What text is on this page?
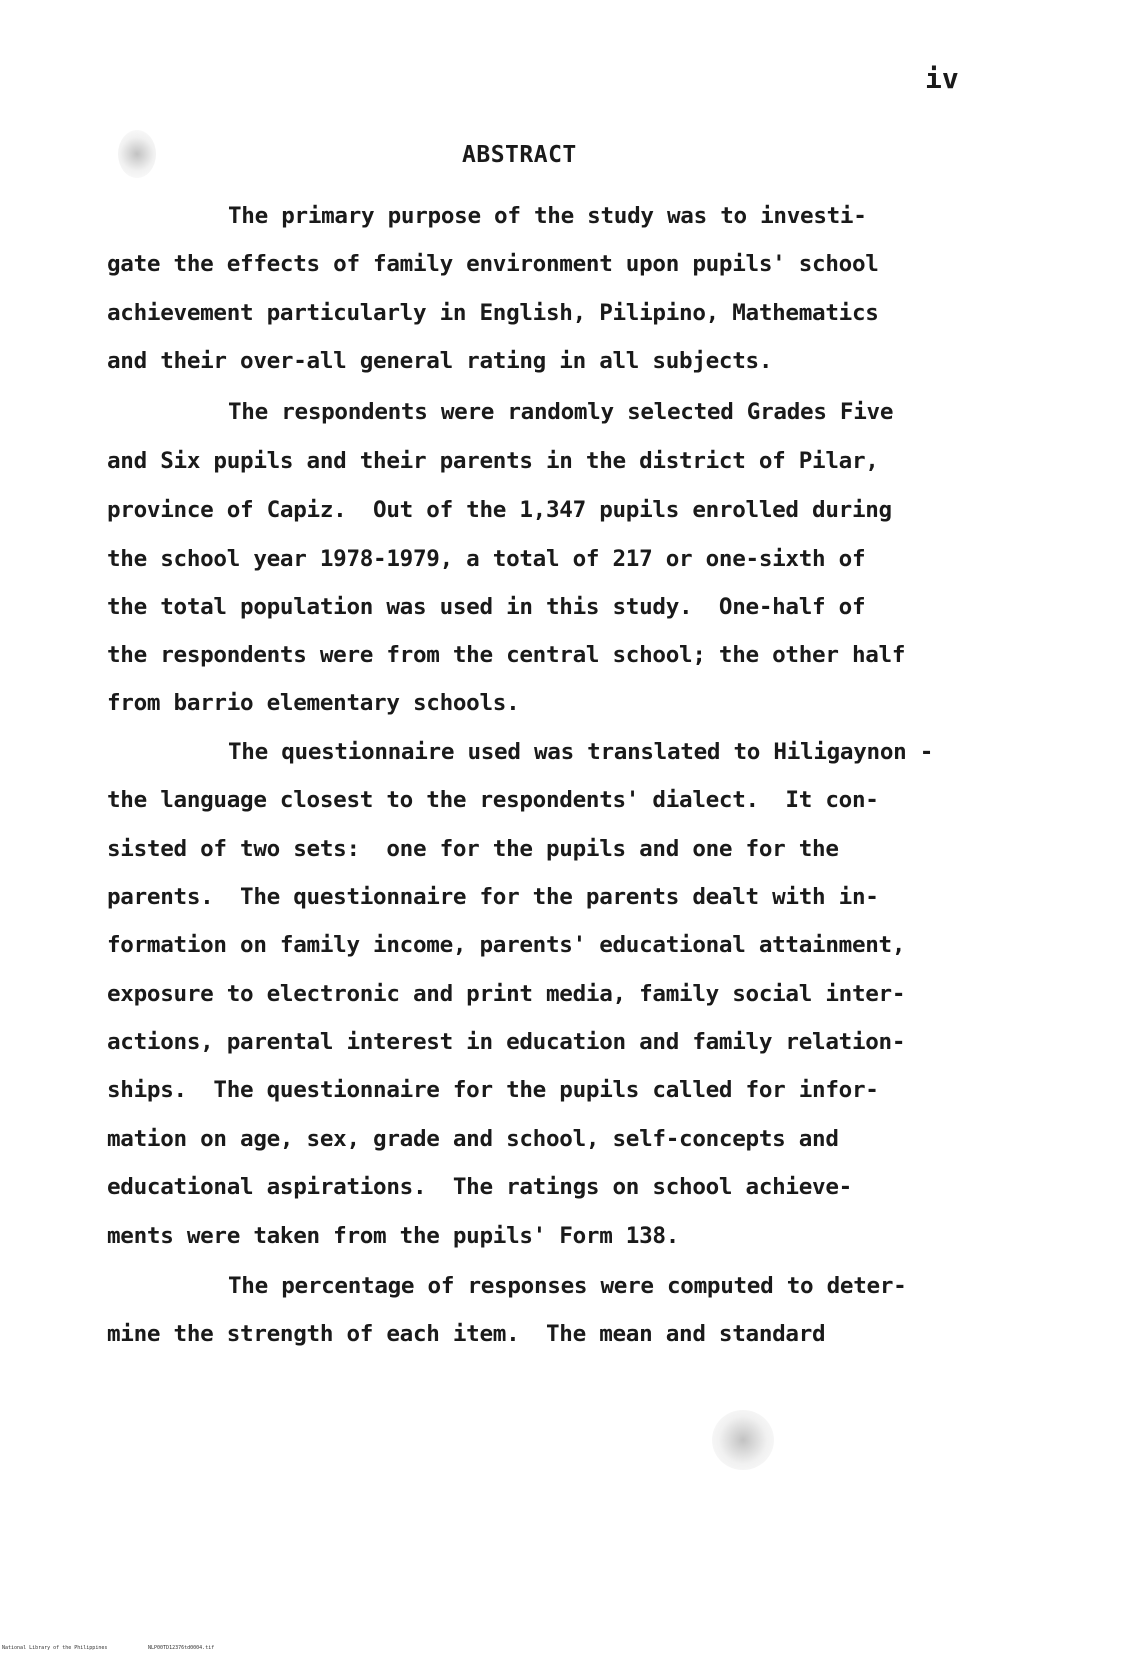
iv
ABSTRACT
The primary purpose of the study was to investi-
gate the effects of family environment upon pupils' school
achievement particularly in English, Pilipino, Mathematics
and their over-all general rating in all subjects.
The respondents were randomly selected Grades Five
and Six pupils and their parents in the district of Pilar,
province of Capiz.  Out of the 1,347 pupils enrolled during
the school year 1978-1979, a total of 217 or one-sixth of
the total population was used in this study.  One-half of
the respondents were from the central school; the other half
from barrio elementary schools.
The questionnaire used was translated to Hiligaynon -
the language closest to the respondents' dialect.  It con-
sisted of two sets:  one for the pupils and one for the
parents.  The questionnaire for the parents dealt with in-
formation on family income, parents' educational attainment,
exposure to electronic and print media, family social inter-
actions, parental interest in education and family relation-
ships.  The questionnaire for the pupils called for infor-
mation on age, sex, grade and school, self-concepts and
educational aspirations.  The ratings on school achieve-
ments were taken from the pupils' Form 138.
The percentage of responses were computed to deter-
mine the strength of each item.  The mean and standard
National Library of the Philippines	NLP00TD12376td0004.tif
